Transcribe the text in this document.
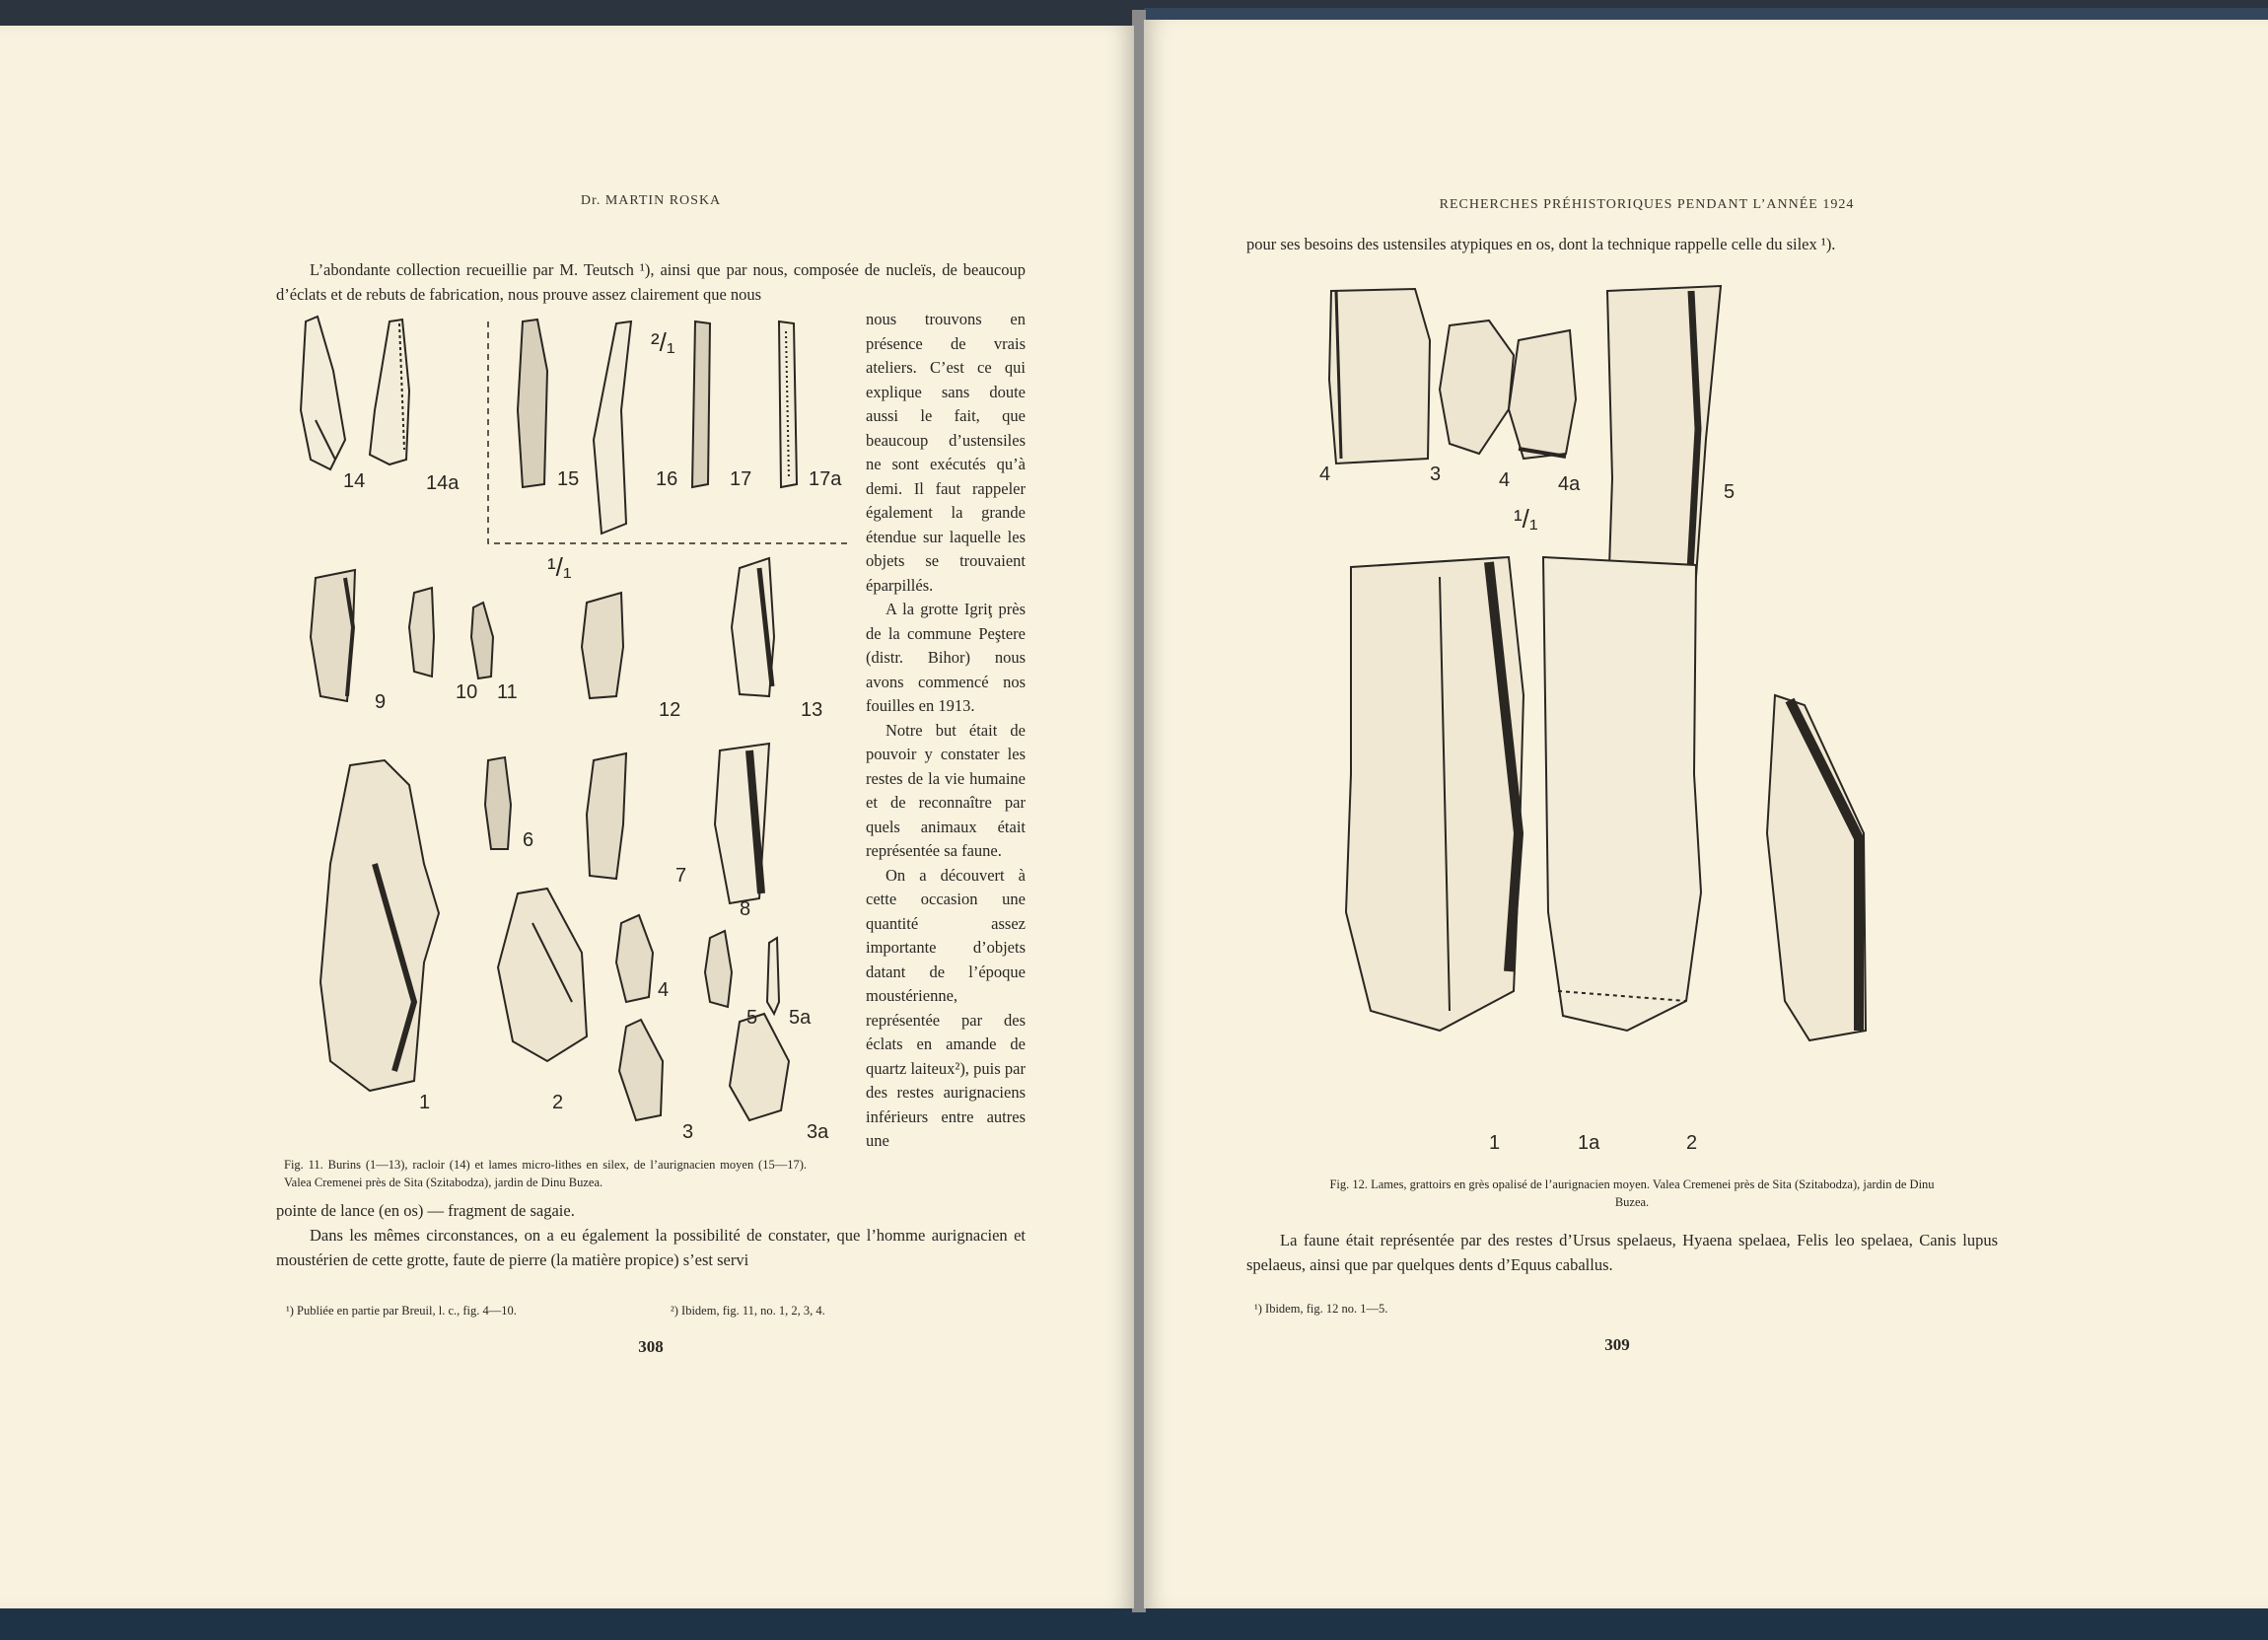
Dr. MARTIN ROSKA
L’abondante collection recueillie par M. Teutsch ¹), ainsi que par nous, composée de nucleïs, de beaucoup d’éclats et de rebuts de fabrication, nous prouve assez clairement que nous

nous trouvons en présence de vrais ateliers. C’est ce qui explique sans doute aussi le fait, que beaucoup d’ustensiles ne sont exécutés qu’à demi. Il faut rappeler également la grande étendue sur laquelle les objets se trouvaient éparpillés.

A la grotte Igriţ près de la commune Peştere (distr. Bihor) nous avons commencé nos fouilles en 1913.

Notre but était de pouvoir y constater les restes de la vie humaine et de reconnaître par quels animaux était représentée sa faune.

On a découvert à cette occasion une quantité assez importante d’objets datant de l’époque moustérienne, représentée par des éclats en amande de quartz laiteux²), puis par des restes aurignaciens inférieurs entre autres une

14	14a	15	16	17	17a
9	10 11
12	13
6
7
8
1	2
4
5 5a
3	3a
¹/₁
²/₁
Fig. 11. Burins (1—13), racloir (14) et lames micro-lithes en silex, de l’aurignacien moyen (15—17). Valea Cremenei près de Sita (Szitabodza), jardin de Dinu Buzea.
pointe de lance (en os) — fragment de sagaie.
Dans les mêmes circonstances, on a eu également la possibilité de constater, que l’homme aurignacien et moustérien de cette grotte, faute de pierre (la matière propice) s’est servi
¹) Publiée en partie par Breuil, l. c., fig. 4—10.	²) Ibidem, fig. 11, no. 1, 2, 3, 4.
308
RECHERCHES PRÉHISTORIQUES PENDANT L’ANNÉE 1924
pour ses besoins des ustensiles atypiques en os, dont la technique rappelle celle du silex ¹).
4	3	4 4a	5
1	1a	2
¹/₁
Fig. 12. Lames, grattoirs en grès opalisé de l’aurignacien moyen. Valea Cremenei près de Sita (Szitabodza), jardin de Dinu Buzea.
La faune était représentée par des restes d’Ursus spelaeus, Hyaena spelaea, Felis leo spelaea, Canis lupus spelaeus, ainsi que par quelques dents d’Equus caballus.
¹) Ibidem, fig. 12 no. 1—5.
309
